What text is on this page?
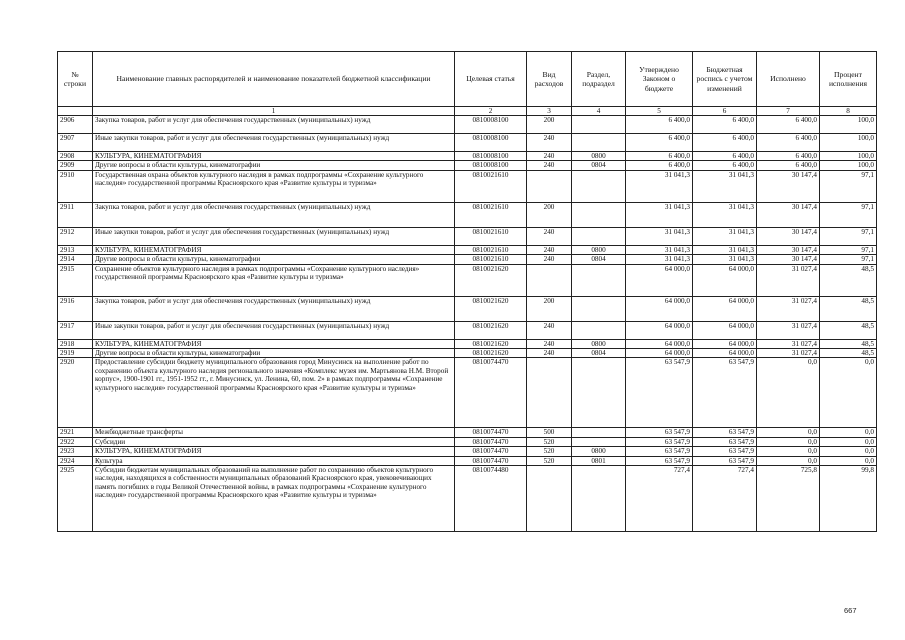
№ строки	Наименование главных распорядителей и наименование показателей бюджетной классификации	Целевая статья	Вид расходов	Раздел, подраздел	Утверждено Законом о бюджете	Бюджетная роспись с учетом изменений	Исполнено	Процент исполнения
	1	2	3	4	5	6	7	8
2906	Закупка товаров, работ и услуг для обеспечения государственных (муниципальных) нужд	0810008100	200		6 400,0	6 400,0	6 400,0	100,0
2907	Иные закупки товаров, работ и услуг для обеспечения государственных (муниципальных) нужд	0810008100	240		6 400,0	6 400,0	6 400,0	100,0
2908	КУЛЬТУРА, КИНЕМАТОГРАФИЯ	0810008100	240	0800	6 400,0	6 400,0	6 400,0	100,0
2909	Другие вопросы в области культуры, кинематографии	0810008100	240	0804	6 400,0	6 400,0	6 400,0	100,0
2910	Государственная охрана объектов культурного наследия в рамках подпрограммы «Сохранение культурного наследия» государственной программы Красноярского края «Развитие культуры и туризма»	0810021610			31 041,3	31 041,3	30 147,4	97,1
2911	Закупка товаров, работ и услуг для обеспечения государственных (муниципальных) нужд	0810021610	200		31 041,3	31 041,3	30 147,4	97,1
2912	Иные закупки товаров, работ и услуг для обеспечения государственных (муниципальных) нужд	0810021610	240		31 041,3	31 041,3	30 147,4	97,1
2913	КУЛЬТУРА, КИНЕМАТОГРАФИЯ	0810021610	240	0800	31 041,3	31 041,3	30 147,4	97,1
2914	Другие вопросы в области культуры, кинематографии	0810021610	240	0804	31 041,3	31 041,3	30 147,4	97,1
2915	Сохранение объектов культурного наследия в рамках подпрограммы «Сохранение культурного наследия» государственной программы Красноярского края «Развитие культуры и туризма»	0810021620			64 000,0	64 000,0	31 027,4	48,5
2916	Закупка товаров, работ и услуг для обеспечения государственных (муниципальных) нужд	0810021620	200		64 000,0	64 000,0	31 027,4	48,5
2917	Иные закупки товаров, работ и услуг для обеспечения государственных (муниципальных) нужд	0810021620	240		64 000,0	64 000,0	31 027,4	48,5
2918	КУЛЬТУРА, КИНЕМАТОГРАФИЯ	0810021620	240	0800	64 000,0	64 000,0	31 027,4	48,5
2919	Другие вопросы в области культуры, кинематографии	0810021620	240	0804	64 000,0	64 000,0	31 027,4	48,5
2920	Предоставление субсидии бюджету муниципального образования город Минусинск на выполнение работ по сохранению объекта культурного наследия регионального значения «Комплекс музея им. Мартьянова Н.М. Второй корпус», 1900-1901 гг., 1951-1952 гг., г. Минусинск, ул. Ленина, 60, пом. 2» в рамках подпрограммы «Сохранение культурного наследия» государственной программы Красноярского края «Развитие культуры и туризма»	0810074470			63 547,9	63 547,9	0,0	0,0
2921	Межбюджетные трансферты	0810074470	500		63 547,9	63 547,9	0,0	0,0
2922	Субсидии	0810074470	520		63 547,9	63 547,9	0,0	0,0
2923	КУЛЬТУРА, КИНЕМАТОГРАФИЯ	0810074470	520	0800	63 547,9	63 547,9	0,0	0,0
2924	Культура	0810074470	520	0801	63 547,9	63 547,9	0,0	0,0
2925	Субсидии бюджетам муниципальных образований на выполнение работ по сохранению объектов культурного наследия, находящихся в собственности муниципальных образований Красноярского края, увековечивающих память погибших в годы Великой Отечественной войны, в рамках подпрограммы «Сохранение культурного наследия» государственной программы Красноярского края «Развитие культуры и туризма»	0810074480			727,4	727,4	725,8	99,8
667
